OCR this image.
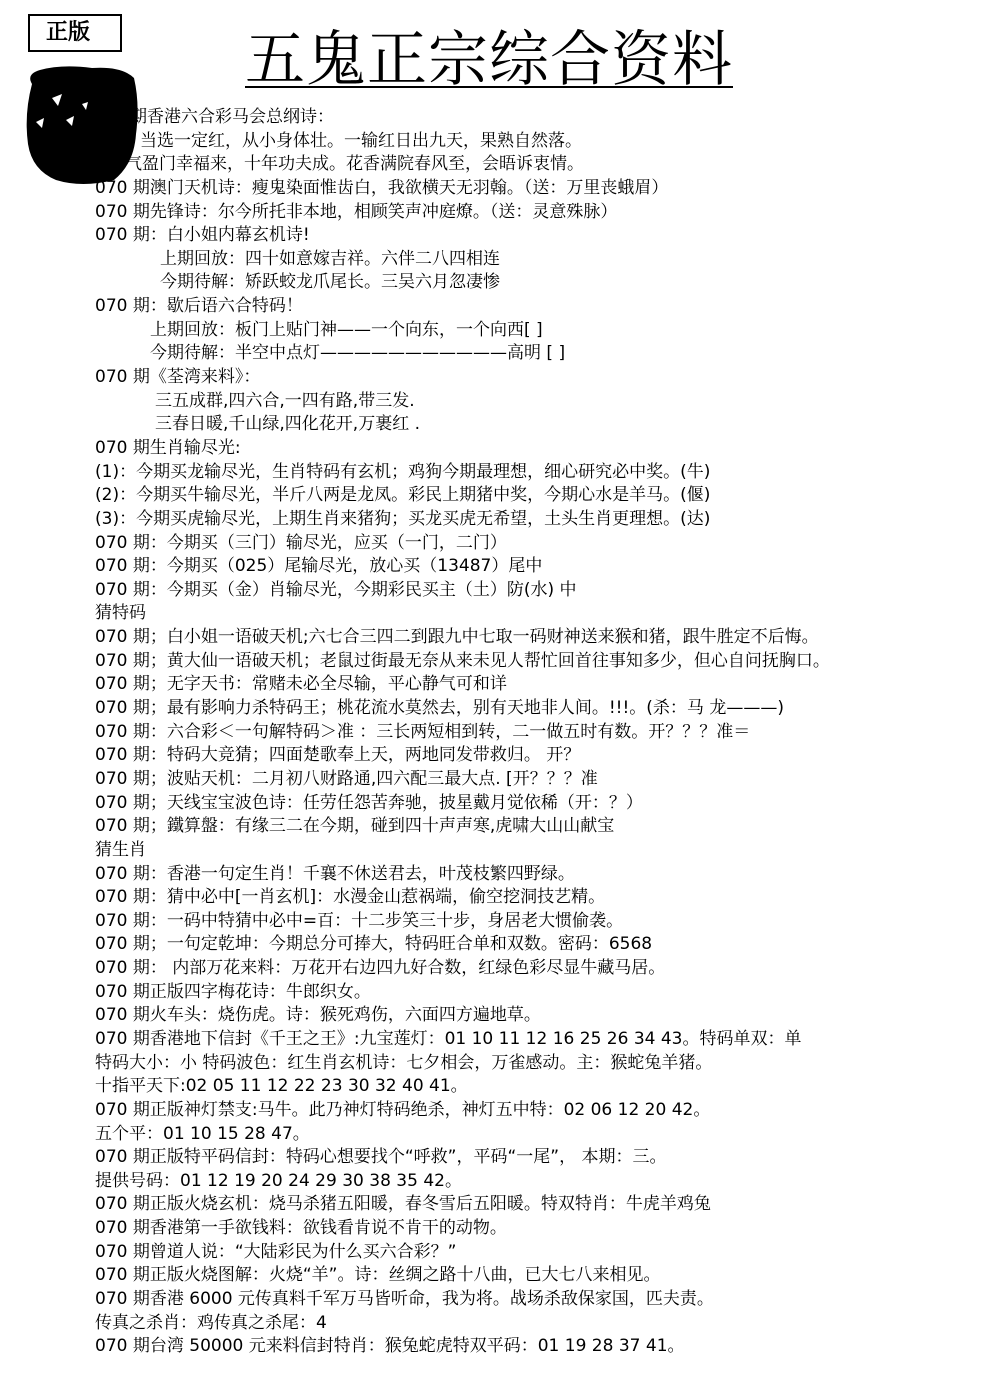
正版	五鬼正宗综合资料
期香港六合彩马会总纲诗：
当选一定红，从小身体壮。一输红日出九天，果熟自然落。
气盈门幸福来，十年功夫成。花香满院春风至，会晤诉衷情。
070 期澳门天机诗：瘦鬼染面惟齿白，我欲横天无羽翰。（送：万里丧蛾眉）
070 期先锋诗：尔今所托非本地，相顾笑声冲庭燎。（送：灵意殊脉）
070 期：白小姐内幕玄机诗!
上期回放：四十如意嫁吉祥。六伴二八四相连
今期待解：矫跃蛟龙爪尾长。三吴六月忽凄惨
070 期：歇后语六合特码！
上期回放：板门上贴门神——一个向东，一个向西[ ]
今期待解：半空中点灯———————————高明 [ ]
070 期《荃湾来料》：
三五成群,四六合,一四有路,带三发.
三春日暖,千山绿,四化花开,万裹红 .
070 期生肖输尽光:
(1)：今期买龙输尽光，生肖特码有玄机；鸡狗今期最理想，细心研究必中奖。(牛)
(2)：今期买牛输尽光，半斤八两是龙凤。彩民上期猪中奖，今期心水是羊马。(偃)
(3)：今期买虎输尽光，上期生肖来猪狗；买龙买虎无希望，土头生肖更理想。(达)
070 期：今期买（三门）输尽光，应买（一门，二门）
070 期：今期买（025）尾输尽光，放心买（13487）尾中
070 期：今期买（金）肖输尽光，今期彩民买主（土）防(水) 中
猜特码
070 期；白小姐一语破天机;六七合三四二到跟九中七取一码财神送来猴和猪，跟牛胜定不后悔。
070 期；黄大仙一语破天机；老鼠过街最无奈从来未见人帮忙回首往事知多少，但心自问抚胸口。
070 期；无字天书：常赌未必全尽输，平心静气可和详
070 期；最有影响力杀特码王；桃花流水莫然去，别有天地非人间。!!!。(杀：马 龙———)
070 期：六合彩＜一句解特码＞准 ：三长两短相到转，二一做五时有数。开？？？准＝
070 期：特码大竞猜；四面楚歌奉上天，两地同发带救归。 开？
070 期；波贴天机：二月初八财路通,四六配三最大点. [开？？？准
070 期；天线宝宝波色诗：任劳任怨苦奔驰，披星戴月觉依稀（开：？）
070 期；鐵算盤：有缘三二在今期，碰到四十声声寒,虎啸大山山献宝
猜生肖
070 期：香港一句定生肖！千襄不休送君去，叶茂枝繁四野绿。
070 期：猜中必中[一肖玄机]：水漫金山惹祸端，偷空挖洞技艺精。
070 期：一码中特猜中必中=百：十二步笑三十步，身居老大惯偷袭。
070 期；一句定乾坤：今期总分可捧大，特码旺合单和双数。密码：6568
070 期： 内部万花来料：万花开右边四九好合数，红绿色彩尽显牛藏马居。
070 期正版四字梅花诗：牛郎织女。
070 期火车头：烧伤虎。诗：猴死鸡伤，六面四方遍地草。
070 期香港地下信封《千王之王》:九宝莲灯：01 10 11 12 16 25 26 34 43。特码单双：单
特码大小：小 特码波色：红生肖玄机诗：七夕相会，万雀感动。主：猴蛇兔羊猪。
十指平天下:02 05 11 12 22 23 30 32 40 41。
070 期正版神灯禁支:马牛。此乃神灯特码绝杀，神灯五中特：02 06 12 20 42。
五个平：01 10 15 28 47。
070 期正版特平码信封：特码心想要找个“呼救”，平码“一尾”， 本期：三。
提供号码：01 12 19 20 24 29 30 38 35 42。
070 期正版火烧玄机：烧马杀猪五阳暖，春冬雪后五阳暖。特双特肖：牛虎羊鸡兔
070 期香港第一手欲钱料：欲钱看肯说不肯干的动物。
070 期曾道人说：“大陆彩民为什么买六合彩？”
070 期正版火烧图解：火烧“羊”。诗：丝绸之路十八曲，已大七八来相见。
070 期香港 6000 元传真料千军万马皆听命，我为将。战场杀敌保家国，匹夫责。
传真之杀肖：鸡传真之杀尾：4
070 期台湾 50000 元来料信封特肖：猴兔蛇虎特双平码：01 19 28 37 41。
